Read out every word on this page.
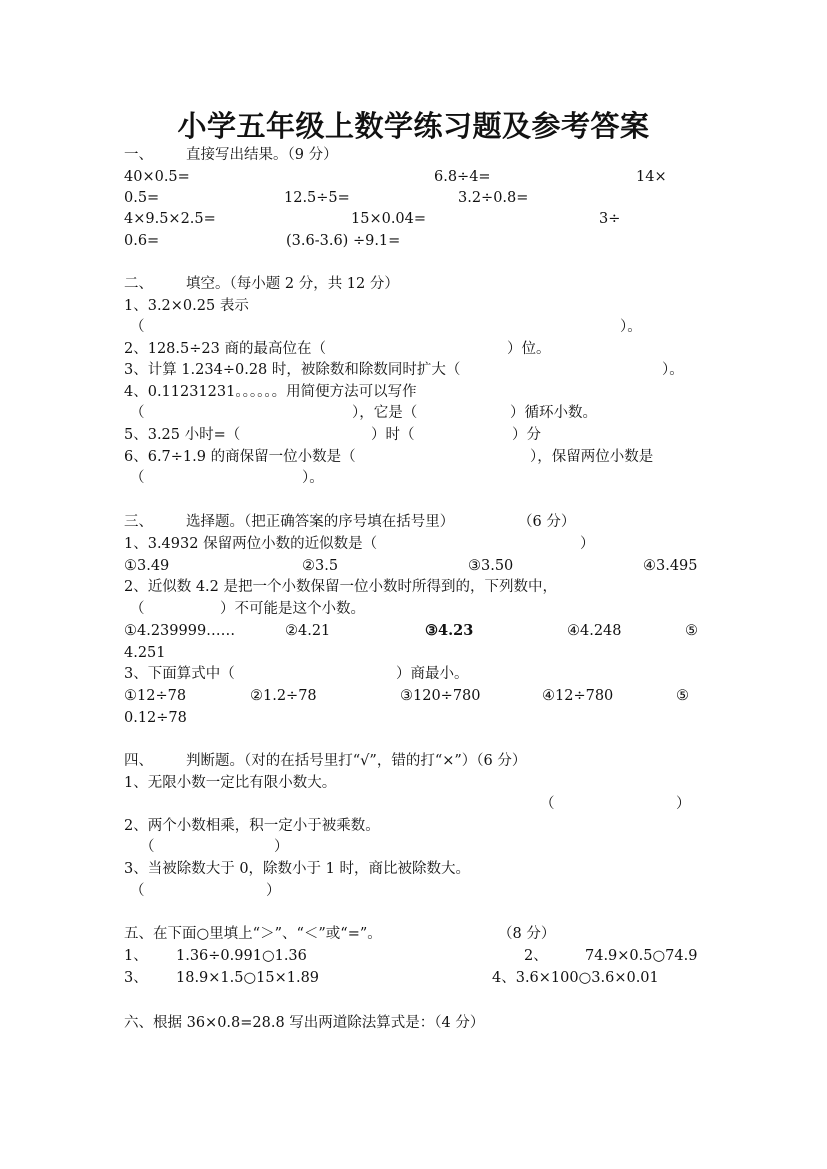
小学五年级上数学练习题及参考答案
一、 直接写出结果。（9 分）
40×0.5=	6.8÷4=	14×
0.5=	12.5÷5=	3.2÷0.8=
4×9.5×2.5=	15×0.04=	3÷
0.6=	(3.6-3.6) ÷9.1=
二、 填空。（每小题 2 分，共 12 分）
1、3.2×0.25 表示
（	）。
2、128.5÷23 商的最高位在（	）位。
3、计算 1.234÷0.28 时，被除数和除数同时扩大（	）。
4、0.11231231。。。。。。用简便方法可以写作
（	），它是（	）循环小数。
5、3.25 小时=（	）时（	）分
6、6.7÷1.9 的商保留一位小数是（	），保留两位小数是
（	）。
三、 选择题。（把正确答案的序号填在括号里）	（6 分）
1、3.4932 保留两位小数的近似数是（	）
①3.49	②3.5	③3.50	④3.495
2、近似数 4.2 是把一个小数保留一位小数时所得到的，下列数中，
（	）不可能是这个小数。
①4.239999……	②4.21	③4.23	④4.248	⑤
4.251
3、下面算式中（	）商最小。
①12÷78	②1.2÷78	③120÷780	④12÷780	⑤
0.12÷78
四、 判断题。（对的在括号里打“√”，错的打“×”）（6 分）
1、无限小数一定比有限小数大。
（	）
2、两个小数相乘，积一定小于被乘数。
（	）
3、当被除数大于 0，除数小于 1 时，商比被除数大。
（	）
五、在下面○里填上“＞”、“＜”或“=”。	（8 分）
1、 1.36÷0.991○1.36	2、	74.9×0.5○74.9
3、 18.9×1.5○15×1.89	4、3.6×100○3.6×0.01
六、根据 36×0.8=28.8 写出两道除法算式是：（4 分）
